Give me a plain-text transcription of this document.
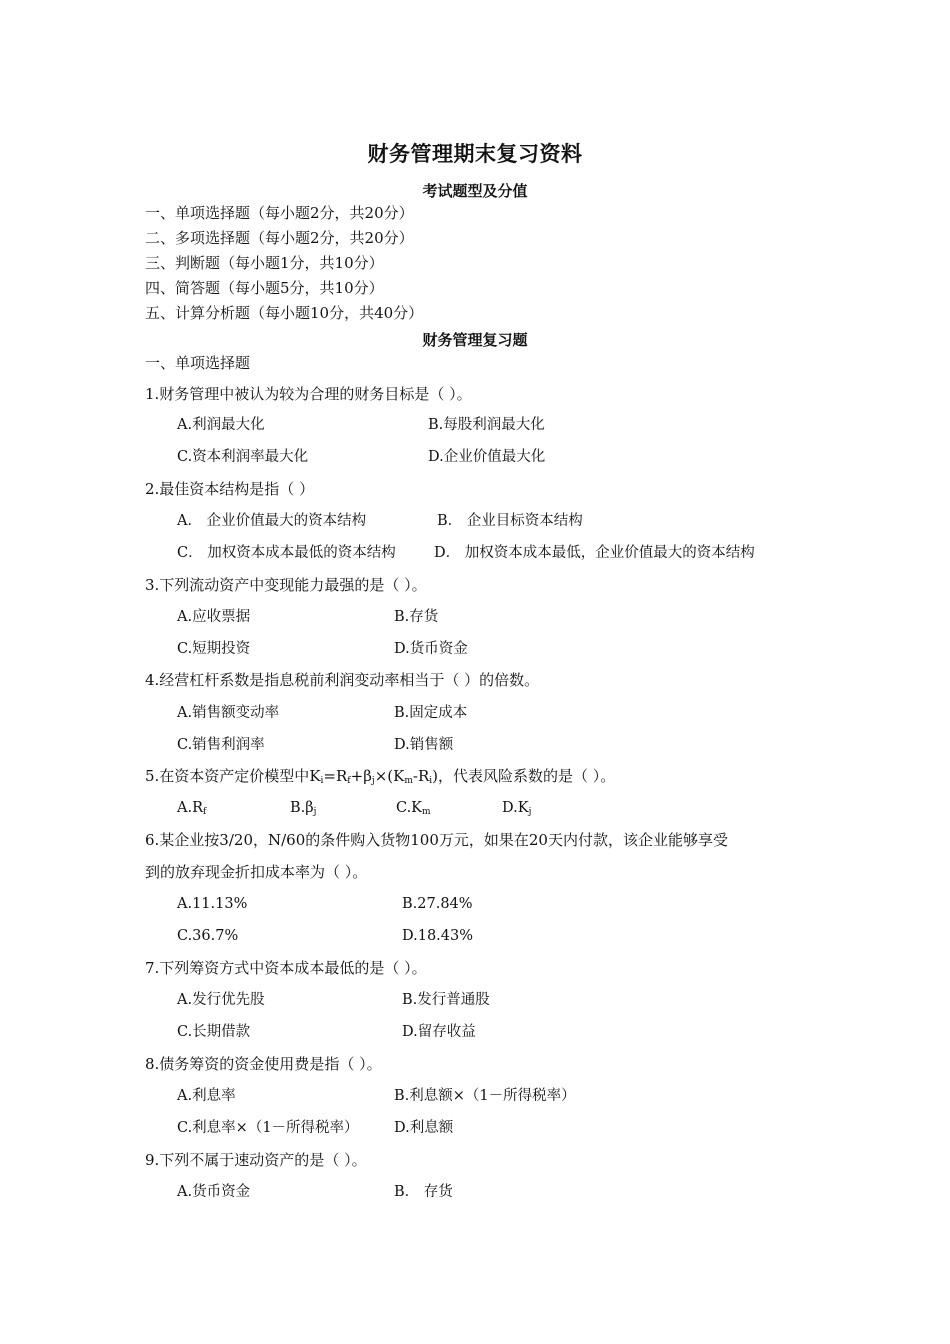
财务管理期末复习资料
考试题型及分值
一、单项选择题（每小题2分，共20分）
二、多项选择题（每小题2分，共20分）
三、判断题（每小题1分，共10分）
四、简答题（每小题5分，共10分）
五、计算分析题（每小题10分，共40分）
财务管理复习题
一、单项选择题
1.财务管理中被认为较为合理的财务目标是（ ）。
A.利润最大化	B.每股利润最大化
C.资本利润率最大化	D.企业价值最大化
2.最佳资本结构是指（ ）
A． 企业价值最大的资本结构	B． 企业目标资本结构
C． 加权资本成本最低的资本结构	D． 加权资本成本最低，企业价值最大的资本结构
3.下列流动资产中变现能力最强的是（ ）。
A.应收票据	B.存货
C.短期投资	D.货币资金
4.经营杠杆系数是指息税前利润变动率相当于（ ）的倍数。
A.销售额变动率	B.固定成本
C.销售利润率	D.销售额
5.在资本资产定价模型中$K_i=R_f+\beta_j\times(K_m-R_i)$，代表风险系数的是（ ）。
$A.R_f$	$B.\beta_j$	$C.K_m$	$D.K_j$
6.某企业按3/20，N/60的条件购入货物100万元，如果在20天内付款，该企业能够享受
到的放弃现金折扣成本率为（ ）。
A.11.13%	B.27.84%
C.36.7%	D.18.43%
7.下列筹资方式中资本成本最低的是（ ）。
A.发行优先股	B.发行普通股
C.长期借款	D.留存收益
8.债务筹资的资金使用费是指（ ）。
A.利息率	B.利息额×（1－所得税率）
C.利息率×（1－所得税率） D.利息额
9.下列不属于速动资产的是（ ）。
A.货币资金	B． 存货
